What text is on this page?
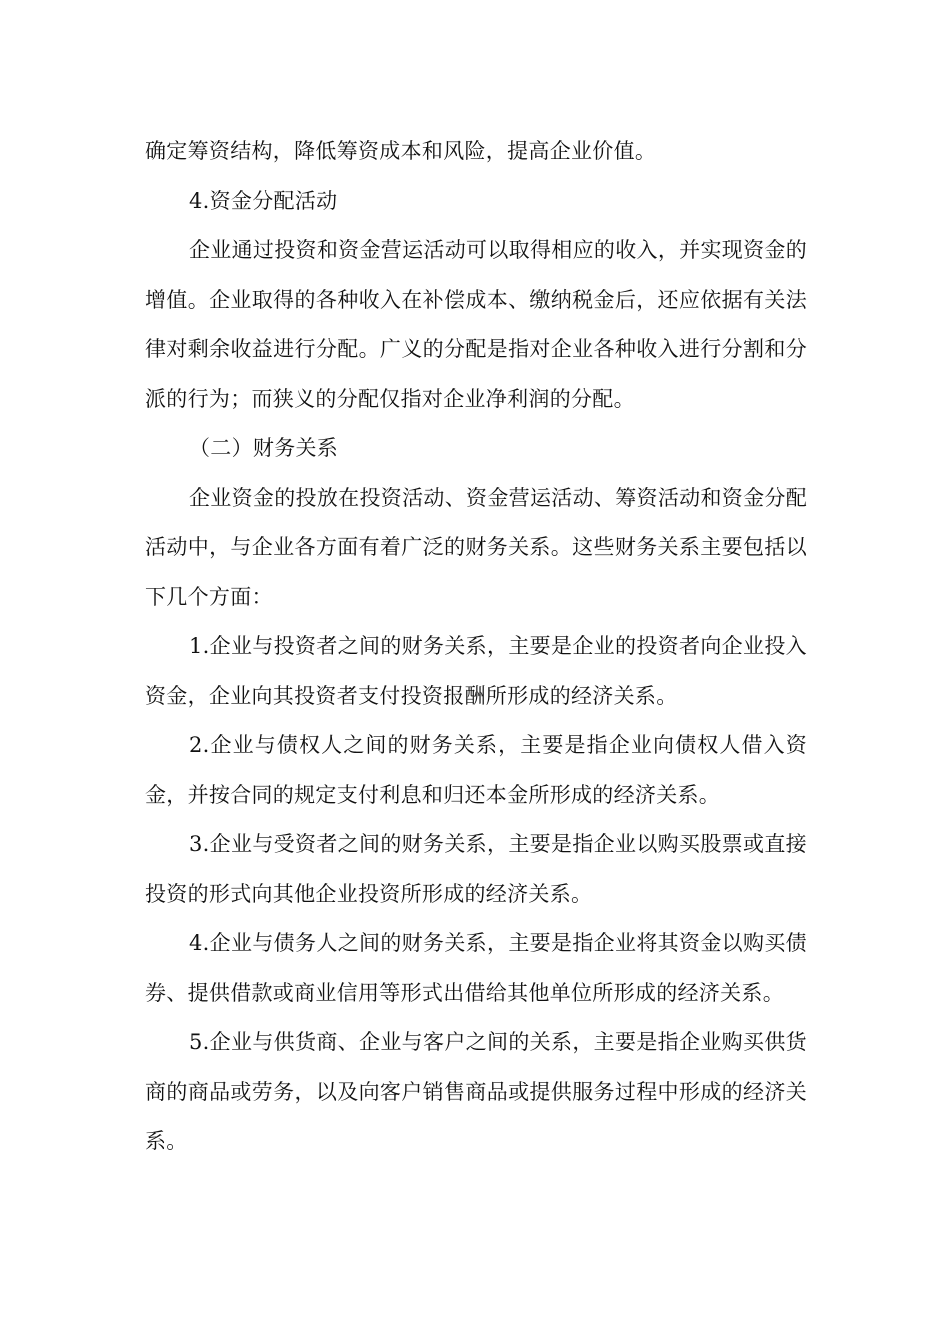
确定筹资结构，降低筹资成本和风险，提高企业价值。

4.资金分配活动

企业通过投资和资金营运活动可以取得相应的收入，并实现资金的增值。企业取得的各种收入在补偿成本、缴纳税金后，还应依据有关法律对剩余收益进行分配。广义的分配是指对企业各种收入进行分割和分派的行为；而狭义的分配仅指对企业净利润的分配。

（二）财务关系

企业资金的投放在投资活动、资金营运活动、筹资活动和资金分配活动中，与企业各方面有着广泛的财务关系。这些财务关系主要包括以下几个方面：

1.企业与投资者之间的财务关系，主要是企业的投资者向企业投入资金，企业向其投资者支付投资报酬所形成的经济关系。

2.企业与债权人之间的财务关系，主要是指企业向债权人借入资金，并按合同的规定支付利息和归还本金所形成的经济关系。

3.企业与受资者之间的财务关系，主要是指企业以购买股票或直接投资的形式向其他企业投资所形成的经济关系。

4.企业与债务人之间的财务关系，主要是指企业将其资金以购买债券、提供借款或商业信用等形式出借给其他单位所形成的经济关系。

5.企业与供货商、企业与客户之间的关系，主要是指企业购买供货商的商品或劳务，以及向客户销售商品或提供服务过程中形成的经济关系。
